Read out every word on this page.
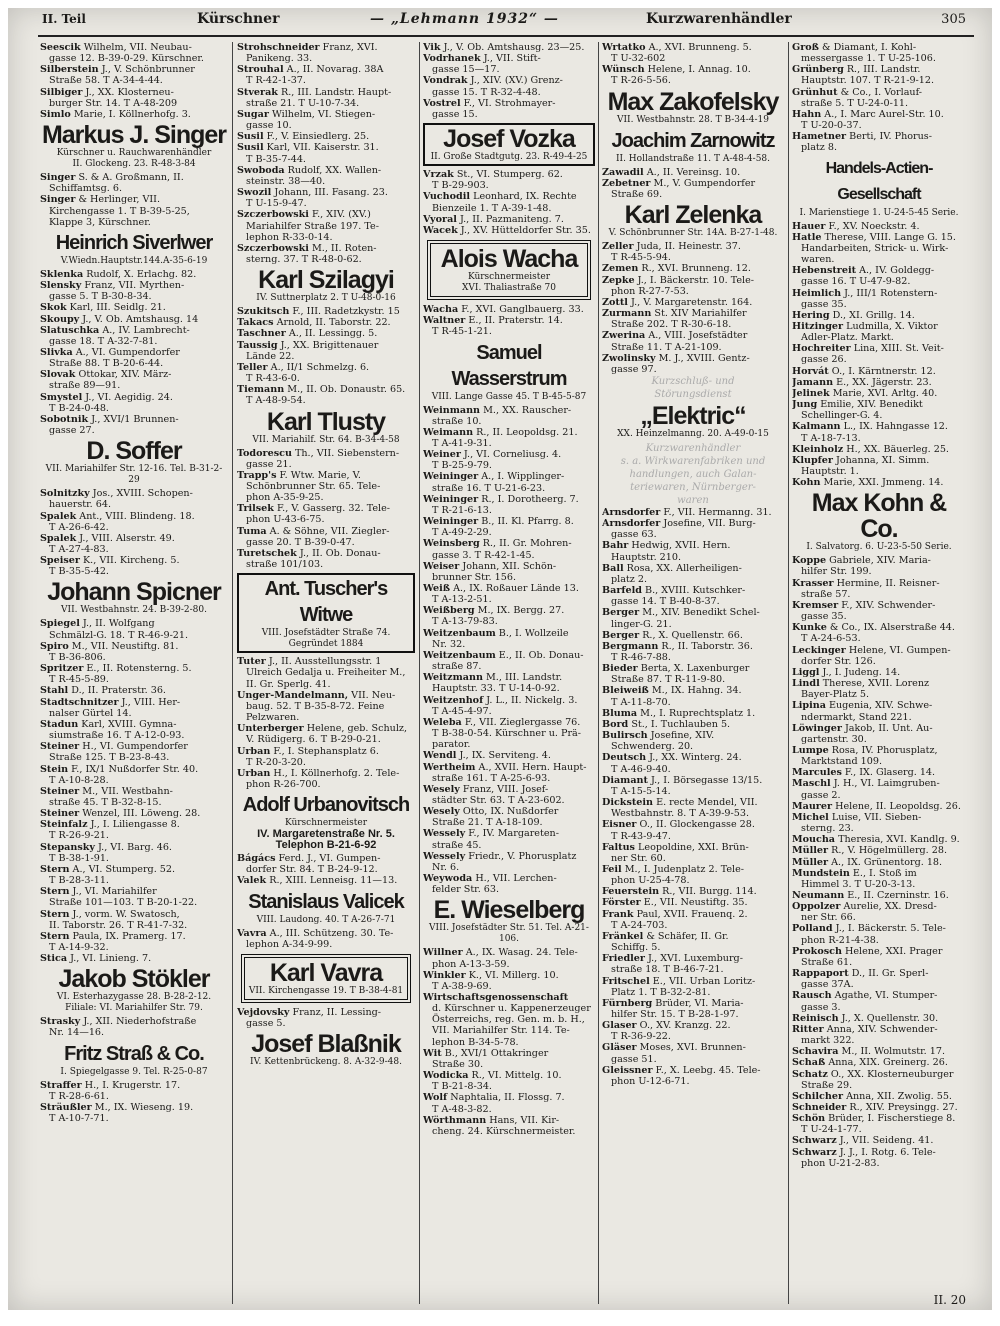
II. Teil	Kürschner	— „Lehmann 1932“ —	Kurzwarenhändler	305
Seescik Wilhelm, VII. Neubau-
gasse 12. B-39-0-29. Kürschner.
Silberstein J., V. Schönbrunner
Straße 58. T A-34-4-44.
Silbiger J., XX. Klosterneu-
burger Str. 14. T A-48-209
Simlo Marie, I. Köllnerhofg. 3.
Markus J. Singer
Kürschner u. Rauchwarenhändler
II. Glockeng. 23. R-48-3-84
Singer S. & A. Großmann, II.
Schiffamtsg. 6.
Singer & Herlinger, VII.
Kirchengasse 1. T B-39-5-25,
Klappe 3, Kürschner.
Heinrich Siverlwer
V.Wiedn.Hauptstr.144.A-35-6-19
Sklenka Rudolf, X. Erlachg. 82.
Slensky Franz, VII. Myrthen-
gasse 5. T B-30-8-34.
Skok Karl, III. Seidlg. 21.
Skoupy J., V. Ob. Amtshausg. 14
Slatuschka A., IV. Lambrecht-
gasse 18. T A-32-7-81.
Slivka A., VI. Gumpendorfer
Straße 88. T B-20-6-44.
Slovak Ottokar, XIV. März-
straße 89—91.
Smystel J., VI. Aegidig. 24.
T B-24-0-48.
Sobotnik J., XVI/1 Brunnen-
gasse 27.
D. Soffer
VII. Mariahilfer Str. 12-16. Tel. B-31-2-29
Solnitzky Jos., XVIII. Schopen-
hauerstr. 64.
Spalek Ant., VIII. Blindeng. 18.
T A-26-6-42.
Spalek J., VIII. Alserstr. 49.
T A-27-4-83.
Speiser K., VII. Kircheng. 5.
T B-35-5-42.
Johann Spicner
VII. Westbahnstr. 24. B-39-2-80.
Spiegel J., II. Wolfgang
Schmälzl-G. 18. T R-46-9-21.
Spiro M., VII. Neustiftg. 81.
T B-36-806.
Spritzer E., II. Rotensterng. 5.
T R-45-5-89.
Stahl D., II. Praterstr. 36.
Stadtschnitzer J., VIII. Her-
nalser Gürtel 14.
Stadun Karl, XVIII. Gymna-
siumstraße 16. T A-12-0-93.
Steiner H., VI. Gumpendorfer
Straße 125. T B-23-8-43.
Stein F., IX/1 Nußdorfer Str. 40.
T A-10-8-28.
Steiner M., VII. Westbahn-
straße 45. T B-32-8-15.
Steiner Wenzel, III. Löweng. 28.
Steinfalz J., I. Liliengasse 8.
T R-26-9-21.
Stepansky J., VI. Barg. 46.
T B-38-1-91.
Stern A., VI. Stumperg. 52.
T B-28-3-11.
Stern J., VI. Mariahilfer
Straße 101—103. T B-20-1-22.
Stern J., vorm. W. Swatosch,
II. Taborstr. 26. T R-41-7-32.
Stern Paula, IX. Pramerg. 17.
T A-14-9-32.
Stica J., VI. Linieng. 7.
Jakob Stökler
VI. Esterhazygasse 28. B-28-2-12.
Filiale: VI. Mariahilfer Str. 79.
Strasky J., XII. Niederhofstraße
Nr. 14—16.
Fritz Straß & Co.
I. Spiegelgasse 9. Tel. R-25-0-87
Straffer H., I. Krugerstr. 17.
T R-28-6-61.
Sträußler M., IX. Wieseng. 19.
T A-10-7-71.
Strohschneider Franz, XVI.
Panikeng. 33.
Strouhal A., II. Novarag. 38A
T R-42-1-37.
Stverak R., III. Landstr. Haupt-
straße 21. T U-10-7-34.
Sugar Wilhelm, VI. Stiegen-
gasse 10.
Susil F., V. Einsiedlerg. 25.
Susil Karl, VII. Kaiserstr. 31.
T B-35-7-44.
Swoboda Rudolf, XX. Wallen-
steinstr. 38—40.
Swozil Johann, III. Fasang. 23.
T U-15-9-47.
Szczerbowski F., XIV. (XV.)
Mariahilfer Straße 197. Te-
lephon R-33-0-14.
Szczerbowski M., II. Roten-
sterng. 37. T R-48-0-62.
Karl Szilagyi
IV. Suttnerplatz 2. T U-48-0-16
Szukitsch F., III. Radetzkystr. 15
Takacs Arnold, II. Taborstr. 22.
Taschner A., II. Lessingg. 5.
Taussig J., XX. Brigittenauer
Lände 22.
Teller A., II/1 Schmelzg. 6.
T R-43-6-0.
Tiemann M., II. Ob. Donaustr. 65.
T A-48-9-54.
Karl Tlusty
VII. Mariahilf. Str. 64. B-34-4-58
Todorescu Th., VII. Siebenstern-
gasse 21.
Trapp's F. Wtw. Marie, V.
Schönbrunner Str. 65. Tele-
phon A-35-9-25.
Trilsek F., V. Gasserg. 32. Tele-
phon U-43-6-75.
Tuma A. & Söhne, VII. Ziegler-
gasse 20. T B-39-0-47.
Turetschek J., II. Ob. Donau-
straße 101/103.
Ant. Tuscher's Witwe
VIII. Josefstädter Straße 74.
Gegründet 1884
Tuter J., II. Ausstellungsstr. 1
Ulreich Gedalja u. Freiheiter M.,
II. Gr. Sperlg. 41.
Unger-Mandelmann, VII. Neu-
baug. 52. T B-35-8-72. Feine
Pelzwaren.
Unterberger Helene, geb. Schulz,
V. Rüdigerg. 6. T B-29-0-21.
Urban F., I. Stephansplatz 6.
T R-20-3-20.
Urban H., I. Köllnerhofg. 2. Tele-
phon R-26-700.
Adolf Urbanovitsch
Kürschnermeister
IV. Margaretenstraße Nr. 5.
Telephon B-21-6-92
Bágács Ferd. J., VI. Gumpen-
dorfer Str. 84. T B-24-9-12.
Valek R., XIII. Lenneisg. 11—13.
Stanislaus Valicek
VIII. Laudong. 40. T A-26-7-71
Vavra A., III. Schützeng. 30. Te-
lephon A-34-9-99.
Karl Vavra
VII. Kirchengasse 19. T B-38-4-81
Vejdovsky Franz, II. Lessing-
gasse 5.
Josef Blaßnik
IV. Kettenbrückeng. 8. A-32-9-48.
Vik J., V. Ob. Amtshausg. 23—25.
Vodrhanek J., VII. Stift-
gasse 15—17.
Vondrak J., XIV. (XV.) Grenz-
gasse 15. T R-32-4-48.
Vostrel F., VI. Strohmayer-
gasse 15.
Josef Vozka
II. Große Stadtgutg. 23. R-49-4-25
Vrzak St., VI. Stumperg. 62.
T B-29-903.
Vuchodil Leonhard, IX. Rechte
Bienzeile 1. T A-39-1-48.
Vyoral J., II. Pazmaniteng. 7.
Wacek J., XV. Hütteldorfer Str. 35.
Alois Wacha
Kürschnermeister
XVI. Thaliastraße 70
Wacha F., XVI. Ganglbauerg. 33.
Waltner E., II. Praterstr. 14.
T R-45-1-21.
Samuel Wasserstrum
VIII. Lange Gasse 45. T B-45-5-87
Weinmann M., XX. Rauscher-
straße 10.
Weimann R., II. Leopoldsg. 21.
T A-41-9-31.
Weiner J., VI. Corneliusg. 4.
T B-25-9-79.
Weininger A., I. Wipplinger-
straße 16. T U-21-6-23.
Weininger R., I. Dorotheerg. 7.
T R-21-6-13.
Weininger B., II. Kl. Pfarrg. 8.
T A-49-2-29.
Weinsberg R., II. Gr. Mohren-
gasse 3. T R-42-1-45.
Weiser Johann, XII. Schön-
brunner Str. 156.
Weiß A., IX. Roßauer Lände 13.
T A-13-2-51.
Weißberg M., IX. Bergg. 27.
T A-13-79-83.
Weitzenbaum B., I. Wollzeile
Nr. 32.
Weitzenbaum E., II. Ob. Donau-
straße 87.
Weitzmann M., III. Landstr.
Hauptstr. 33. T U-14-0-92.
Weitzenhof J. L., II. Nickelg. 3.
T A-45-4-97.
Weleba F., VII. Zieglergasse 76.
T B-38-0-54. Kürschner u. Prä-
parator.
Wendl J., IX. Serviteng. 4.
Wertheim A., XVII. Hern. Haupt-
straße 161. T A-25-6-93.
Wesely Franz, VIII. Josef-
städter Str. 63. T A-23-602.
Wesely Otto, IX. Nußdorfer
Straße 21. T A-18-109.
Wessely F., IV. Margareten-
straße 45.
Wessely Friedr., V. Phorusplatz
Nr. 6.
Weywoda H., VII. Lerchen-
felder Str. 63.
E. Wieselberg
VIII. Josefstädter Str. 51. Tel. A-21-106.
Willner A., IX. Wasag. 24. Tele-
phon A-13-3-59.
Winkler K., VI. Millerg. 10.
T A-38-9-69.
Wirtschaftsgenossenschaft
d. Kürschner u. Kappenerzeuger
Österreichs, reg. Gen. m. b. H.,
VII. Mariahilfer Str. 114. Te-
lephon B-34-5-78.
Wit B., XVI/1 Ottakringer
Straße 30.
Wodicka R., VI. Mittelg. 10.
T B-21-8-34.
Wolf Naphtalia, II. Flossg. 7.
T A-48-3-82.
Wörthmann Hans, VII. Kir-
cheng. 24. Kürschnermeister.
Wrtatko A., XVI. Brunneng. 5.
T U-32-602
Wünsch Helene, I. Annag. 10.
T R-26-5-56.
Max Zakofelsky
VII. Westbahnstr. 28. T B-34-4-19
Joachim Zarnowitz
II. Hollandstraße 11. T A-48-4-58.
Zawadil A., II. Vereinsg. 10.
Zebetner M., V. Gumpendorfer
Straße 69.
Karl Zelenka
V. Schönbrunner Str. 14A. B-27-1-48.
Zeller Juda, II. Heinestr. 37.
T R-45-5-94.
Zemen R., XVI. Brunneng. 12.
Zepke J., I. Bäckerstr. 10. Tele-
phon R-27-7-53.
Zottl J., V. Margaretenstr. 164.
Zurmann St. XIV Mariahilfer
Straße 202. T R-30-6-18.
Zwerina A., VIII. Josefstädter
Straße 11. T A-21-109.
Zwolinsky M. J., XVIII. Gentz-
gasse 97.
Kurzschluß- und
Störungsdienst
„Elektric“
XX. Heinzelmanng. 20. A-49-0-15
Kurzwarenhändler
s. a. Wirkwarenfabriken und
handlungen, auch Galan-
teriewaren, Nürnberger-
waren
Arnsdorfer F., VII. Hermanng. 31.
Arnsdorfer Josefine, VII. Burg-
gasse 63.
Bahr Hedwig, XVII. Hern.
Hauptstr. 210.
Ball Rosa, XX. Allerheiligen-
platz 2.
Barfeld B., XVIII. Kutschker-
gasse 14. T B-40-8-37.
Berger M., XIV. Benedikt Schel-
linger-G. 21.
Berger R., X. Quellenstr. 66.
Bergmann R., II. Taborstr. 36.
T R-46-7-88.
Bieder Berta, X. Laxenburger
Straße 87. T R-11-9-80.
Bleiweiß M., IX. Hahng. 34.
T A-11-8-70.
Bluma M., I. Ruprechtsplatz 1.
Bord St., I. Tuchlauben 5.
Bulirsch Josefine, XIV.
Schwenderg. 20.
Deutsch J., XX. Winterg. 24.
T A-46-9-40.
Diamant J., I. Börsegasse 13/15.
T A-15-5-14.
Dickstein E. recte Mendel, VII.
Westbahnstr. 8. T A-39-9-53.
Eisner O., II. Glockengasse 28.
T R-43-9-47.
Faltus Leopoldine, XXI. Brün-
ner Str. 60.
Feil M., I. Judenplatz 2. Tele-
phon U-25-4-78.
Feuerstein R., VII. Burgg. 114.
Förster E., VII. Neustiftg. 35.
Frank Paul, XVII. Frauenq. 2.
T A-24-703.
Fränkel & Schäfer, II. Gr.
Schiffg. 5.
Friedler J., XVI. Luxemburg-
straße 18. T B-46-7-21.
Fritschel E., VII. Urban Loritz-
Platz 1. T B-32-2-81.
Fürnberg Brüder, VI. Maria-
hilfer Str. 15. T B-28-1-97.
Glaser O., XV. Kranzg. 22.
T R-36-9-22.
Gläser Moses, XVI. Brunnen-
gasse 51.
Gleissner F., X. Leebg. 45. Tele-
phon U-12-6-71.
Groß & Diamant, I. Kohl-
messergasse 1. T U-25-106.
Grünberg R., III. Landstr.
Hauptstr. 107. T R-21-9-12.
Grünhut & Co., I. Vorlauf-
straße 5. T U-24-0-11.
Hahn A., I. Marc Aurel-Str. 10.
T U-20-0-37.
Hametner Berti, IV. Phorus-
platz 8.
Handels-Actien-Gesellschaft
I. Marienstiege 1. U-24-5-45 Serie.
Hauer F., XV. Noeckstr. 4.
Hatle Therese, VIII. Lange G. 15.
Handarbeiten, Strick- u. Wirk-
waren.
Hebenstreit A., IV. Goldegg-
gasse 16. T U-47-9-82.
Heimlich J., III/1 Rotenstern-
gasse 35.
Hering D., XI. Grillg. 14.
Hitzinger Ludmilla, X. Viktor
Adler-Platz. Markt.
Hochreiter Lina, XIII. St. Veit-
gasse 26.
Horvát O., I. Kärntnerstr. 12.
Jamann E., XX. Jägerstr. 23.
Jelinek Marie, XVI. Arltg. 40.
Jung Emilie, XIV. Benedikt
Schellinger-G. 4.
Kalmann L., IX. Hahngasse 12.
T A-18-7-13.
Kleinholz H., XX. Bäuerleg. 25.
Klupfer Johanna, XI. Simm.
Hauptstr. 1.
Kohn Marie, XXI. Jmmeng. 14.
Max Kohn & Co.
I. Salvatorg. 6. U-23-5-50 Serie.
Koppe Gabriele, XIV. Maria-
hilfer Str. 199.
Krasser Hermine, II. Reisner-
straße 57.
Kremser F., XIV. Schwender-
gasse 35.
Kunke & Co., IX. Alserstraße 44.
T A-24-6-53.
Leckinger Helene, VI. Gumpen-
dorfer Str. 126.
Liggl J., I. Judeng. 14.
Lindl Therese, XVII. Lorenz
Bayer-Platz 5.
Lipina Eugenia, XIV. Schwe-
ndermarkt, Stand 221.
Löwinger Jakob, II. Unt. Au-
gartenstr. 30.
Lumpe Rosa, IV. Phorusplatz,
Marktstand 109.
Marcules F., IX. Glaserg. 14.
Maschl J. H., VI. Laimgruben-
gasse 2.
Maurer Helene, II. Leopoldsg. 26.
Michel Luise, VII. Sieben-
sterng. 23.
Moucha Theresia, XVI. Kandlg. 9.
Müller R., V. Högelmüllerg. 28.
Müller A., IX. Grünentorg. 18.
Mundstein E., I. Stoß im
Himmel 3. T U-20-3-13.
Neumann E., II. Czerninstr. 16.
Oppolzer Aurelie, XX. Dresd-
ner Str. 66.
Polland J., I. Bäckerstr. 5. Tele-
phon R-21-4-38.
Prokosch Helene, XXI. Prager
Straße 61.
Rappaport D., II. Gr. Sperl-
gasse 37A.
Rausch Agathe, VI. Stumper-
gasse 3.
Reinisch J., X. Quellenstr. 30.
Ritter Anna, XIV. Schwender-
markt 322.
Schavira M., II. Wolmutstr. 17.
Schaß Anna, XIX. Greinerg. 26.
Schatz O., XX. Klosterneuburger
Straße 29.
Schilcher Anna, XII. Zwolig. 55.
Schneider R., XIV. Preysingg. 27.
Schön Brüder, I. Fischerstiege 8.
T U-24-1-77.
Schwarz J., VII. Seideng. 41.
Schwarz J. J., I. Rotg. 6. Tele-
phon U-21-2-83.
II. 20
